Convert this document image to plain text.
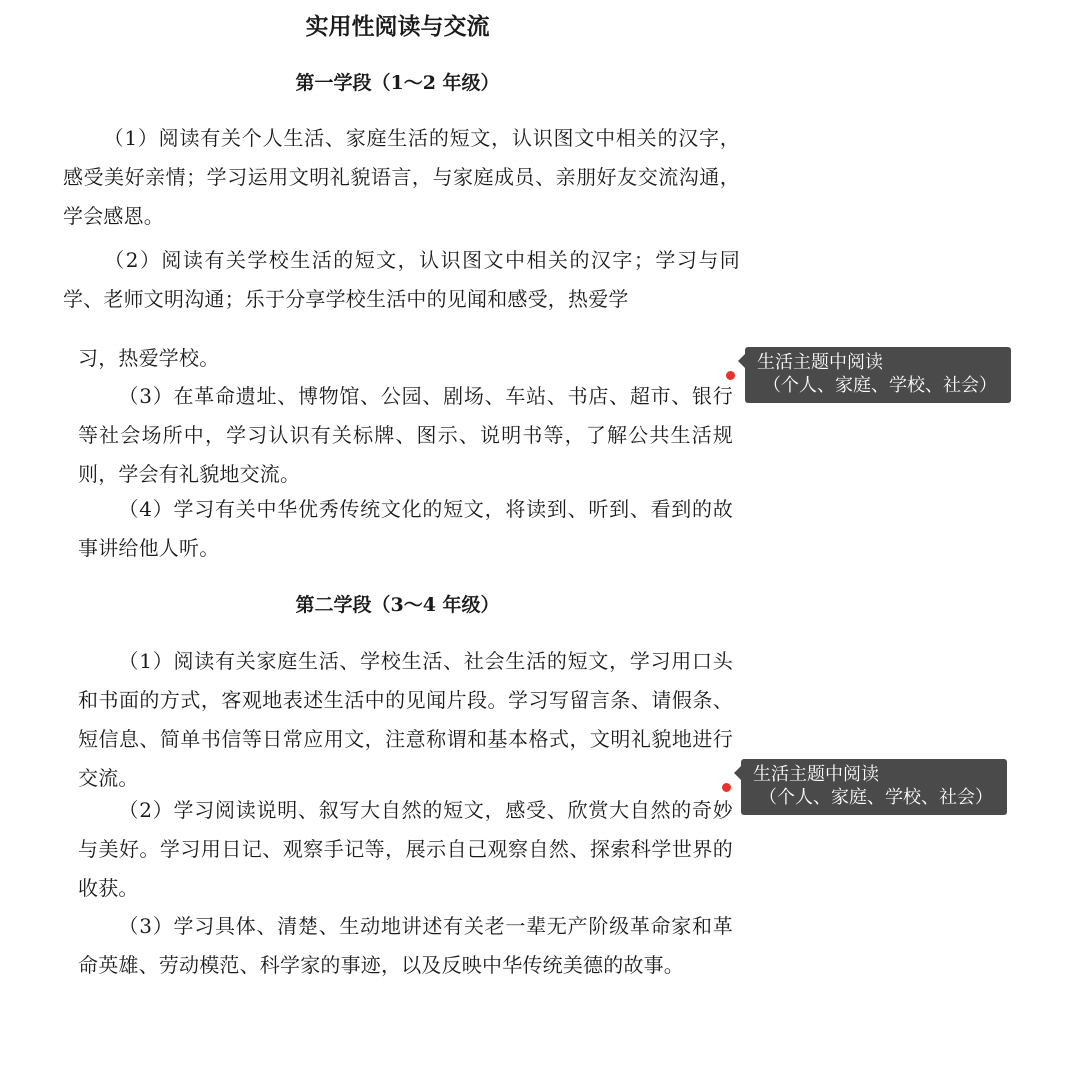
实用性阅读与交流
第一学段（1～2 年级）
（1）阅读有关个人生活、家庭生活的短文，认识图文中相关的汉字，感受美好亲情；学习运用文明礼貌语言，与家庭成员、亲朋好友交流沟通，学会感恩。
（2）阅读有关学校生活的短文，认识图文中相关的汉字；学习与同学、老师文明沟通；乐于分享学校生活中的见闻和感受，热爱学
习，热爱学校。
（3）在革命遗址、博物馆、公园、剧场、车站、书店、超市、银行等社会场所中，学习认识有关标牌、图示、说明书等，了解公共生活规则，学会有礼貌地交流。
（4）学习有关中华优秀传统文化的短文，将读到、听到、看到的故事讲给他人听。
第二学段（3～4 年级）
（1）阅读有关家庭生活、学校生活、社会生活的短文，学习用口头和书面的方式，客观地表述生活中的见闻片段。学习写留言条、请假条、短信息、简单书信等日常应用文，注意称谓和基本格式，文明礼貌地进行交流。
（2）学习阅读说明、叙写大自然的短文，感受、欣赏大自然的奇妙与美好。学习用日记、观察手记等，展示自己观察自然、探索科学世界的收获。
（3）学习具体、清楚、生动地讲述有关老一辈无产阶级革命家和革命英雄、劳动模范、科学家的事迹，以及反映中华传统美德的故事。
生活主题中阅读
（个人、家庭、学校、社会）
生活主题中阅读
（个人、家庭、学校、社会）
